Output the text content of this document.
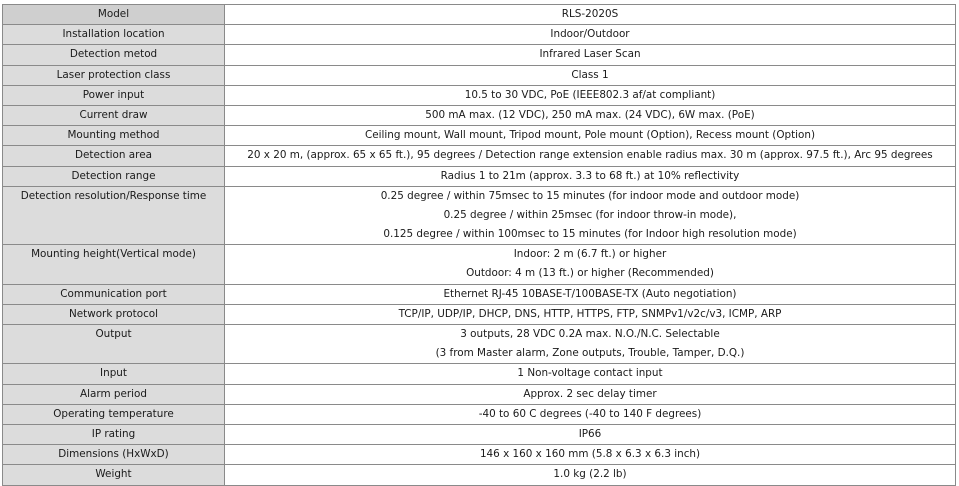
Model	RLS-2020S

Installation location	Indoor/Outdoor

Detection metod	Infrared Laser Scan

Laser protection class	Class 1

Power input	10.5 to 30 VDC, PoE (IEEE802.3 af/at compliant)

Current draw	500 mA max. (12 VDC), 250 mA max. (24 VDC), 6W max. (PoE)

Mounting method	Ceiling mount, Wall mount, Tripod mount, Pole mount (Option), Recess mount (Option)

Detection area	20 x 20 m, (approx. 65 x 65 ft.), 95 degrees / Detection range extension enable radius max. 30 m (approx. 97.5 ft.), Arc 95 degrees

Detection range	Radius 1 to 21m (approx. 3.3 to 68 ft.) at 10% reflectivity

Detection resolution/Response time	0.25 degree / within 75msec to 15 minutes (for indoor mode and outdoor mode)
0.25 degree / within 25msec (for indoor throw-in mode),
0.125 degree / within 100msec to 15 minutes (for Indoor high resolution mode)

Mounting height(Vertical mode)	Indoor: 2 m (6.7 ft.) or higher
Outdoor: 4 m (13 ft.) or higher (Recommended)

Communication port	Ethernet RJ-45 10BASE-T/100BASE-TX (Auto negotiation)

Network protocol	TCP/IP, UDP/IP, DHCP, DNS, HTTP, HTTPS, FTP, SNMPv1/v2c/v3, ICMP, ARP

Output	3 outputs, 28 VDC 0.2A max. N.O./N.C. Selectable
(3 from Master alarm, Zone outputs, Trouble, Tamper, D.Q.)

Input	1 Non-voltage contact input

Alarm period	Approx. 2 sec delay timer

Operating temperature	-40 to 60 C degrees (-40 to 140 F degrees)

IP rating	IP66

Dimensions (HxWxD)	146 x 160 x 160 mm (5.8 x 6.3 x 6.3 inch)

Weight	1.0 kg (2.2 lb)
